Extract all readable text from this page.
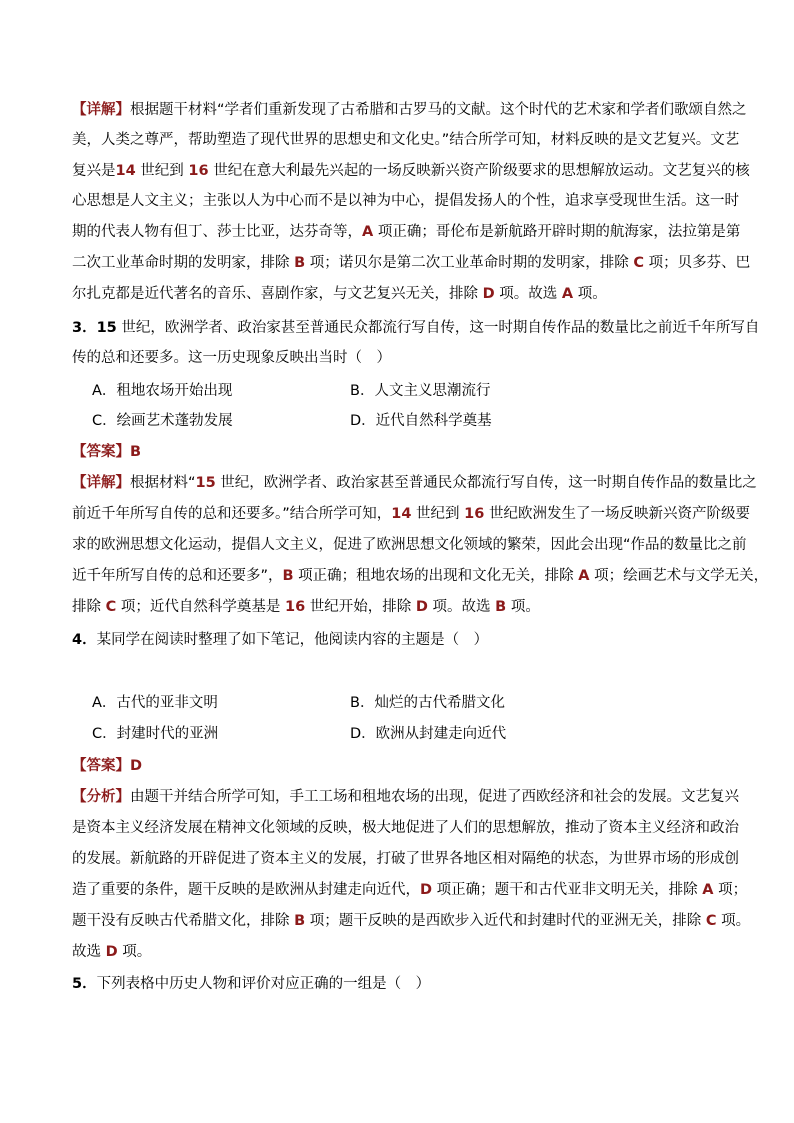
【详解】根据题干材料“学者们重新发现了古希腊和古罗马的文献。这个时代的艺术家和学者们歌颂自然之
美，人类之尊严，帮助塑造了现代世界的思想史和文化史。”结合所学可知，材料反映的是文艺复兴。文艺
复兴是14 世纪到 16 世纪在意大利最先兴起的一场反映新兴资产阶级要求的思想解放运动。文艺复兴的核
心思想是人文主义；主张以人为中心而不是以神为中心，提倡发扬人的个性，追求享受现世生活。这一时
期的代表人物有但丁、莎士比亚，达芬奇等，A 项正确；哥伦布是新航路开辟时期的航海家，法拉第是第
二次工业革命时期的发明家，排除 B 项；诺贝尔是第二次工业革命时期的发明家，排除 C 项；贝多芬、巴
尔扎克都是近代著名的音乐、喜剧作家，与文艺复兴无关，排除 D 项。故选 A 项。
3．15 世纪，欧洲学者、政治家甚至普通民众都流行写自传，这一时期自传作品的数量比之前近千年所写自
传的总和还要多。这一历史现象反映出当时（　）
A．租地农场开始出现	B．人文主义思潮流行
C．绘画艺术蓬勃发展	D．近代自然科学奠基
【答案】B
【详解】根据材料“15 世纪，欧洲学者、政治家甚至普通民众都流行写自传，这一时期自传作品的数量比之
前近千年所写自传的总和还要多。”结合所学可知，14 世纪到 16 世纪欧洲发生了一场反映新兴资产阶级要
求的欧洲思想文化运动，提倡人文主义，促进了欧洲思想文化领域的繁荣，因此会出现“作品的数量比之前
近千年所写自传的总和还要多”，B 项正确；租地农场的出现和文化无关，排除 A 项；绘画艺术与文学无关，
排除 C 项；近代自然科学奠基是 16 世纪开始，排除 D 项。故选 B 项。
4．某同学在阅读时整理了如下笔记，他阅读内容的主题是（　）
A．古代的亚非文明	B．灿烂的古代希腊文化
C．封建时代的亚洲	D．欧洲从封建走向近代
【答案】D
【分析】由题干并结合所学可知，手工工场和租地农场的出现，促进了西欧经济和社会的发展。文艺复兴
是资本主义经济发展在精神文化领域的反映，极大地促进了人们的思想解放，推动了资本主义经济和政治
的发展。新航路的开辟促进了资本主义的发展，打破了世界各地区相对隔绝的状态，为世界市场的形成创
造了重要的条件，题干反映的是欧洲从封建走向近代，D 项正确；题干和古代亚非文明无关，排除 A 项；
题干没有反映古代希腊文化，排除 B 项；题干反映的是西欧步入近代和封建时代的亚洲无关，排除 C 项。
故选 D 项。
5．下列表格中历史人物和评价对应正确的一组是（　）
